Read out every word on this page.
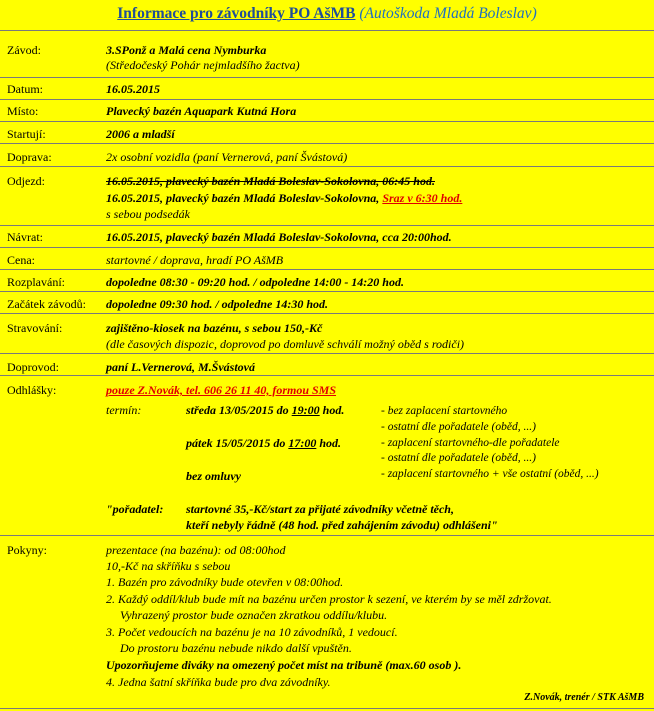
Informace pro závodníky PO AšMB (Autoškoda Mladá Boleslav)
Závod:	3.SPonž a Malá cena Nymburka
(Středočeský Pohár nejmladšího žactva)
Datum:	16.05.2015
Místo:	Plavecký bazén Aquapark Kutná Hora
Startují:	2006 a mladší
Doprava:	2x osobní vozidla (paní Vernerová, paní Švástová)
Odjezd:	16.05.2015, plavecký bazén Mladá Boleslav-Sokolovna, 06:45 hod.
16.05.2015, plavecký bazén Mladá Boleslav-Sokolovna, Sraz v 6:30 hod.
s sebou podsedák
Návrat:	16.05.2015, plavecký bazén Mladá Boleslav-Sokolovna, cca 20:00hod.
Cena:	startovné / doprava, hradí PO AšMB
Rozplavání:	dopoledne 08:30 - 09:20 hod. / odpoledne 14:00 - 14:20 hod.
Začátek závodů: dopoledne 09:30 hod. / odpoledne 14:30 hod.
Stravování:	zajištěno-kiosek na bazénu, s sebou 150,-Kč
(dle časových dispozic, doprovod po domluvě schválí možný oběd s rodiči)
Doprovod:	paní L.Vernerová, M.Švástová
Odhlášky:	pouze Z.Novák, tel. 606 26 11 40, formou SMS
termín:	středa 13/05/2015 do 19:00 hod.	- bez zaplacení startovného
- ostatní dle pořadatele (oběd, ...)
pátek 15/05/2015 do 17:00 hod.	- zaplacení startovného-dle pořadatele
- ostatní dle pořadatele (oběd, ...)
bez omluvy	- zaplacení startovného + vše ostatní (oběd, ...)
"pořadatel: startovné 35,-Kč/start za přijaté závodníky včetně těch,
kteří nebyly řádně (48 hod. před zahájením závodu) odhlášeni"
Pokyny:	prezentace (na bazénu): od 08:00hod
10,-Kč na skříňku s sebou
1. Bazén pro závodníky bude otevřen v 08:00hod.
2. Každý oddíl/klub bude mít na bazénu určen prostor k sezení, ve kterém by se měl zdržovat.
Vyhrazený prostor bude označen zkratkou oddílu/klubu.
3. Počet vedoucích na bazénu je na 10 závodníků, 1 vedoucí.
Do prostoru bazénu nebude nikdo další vpuštěn.
Upozorňujeme diváky na omezený počet míst na tribuně (max.60 osob ).
4. Jedna šatní skříňka bude pro dva závodníky.
Z.Novák, trenér / STK AšMB
